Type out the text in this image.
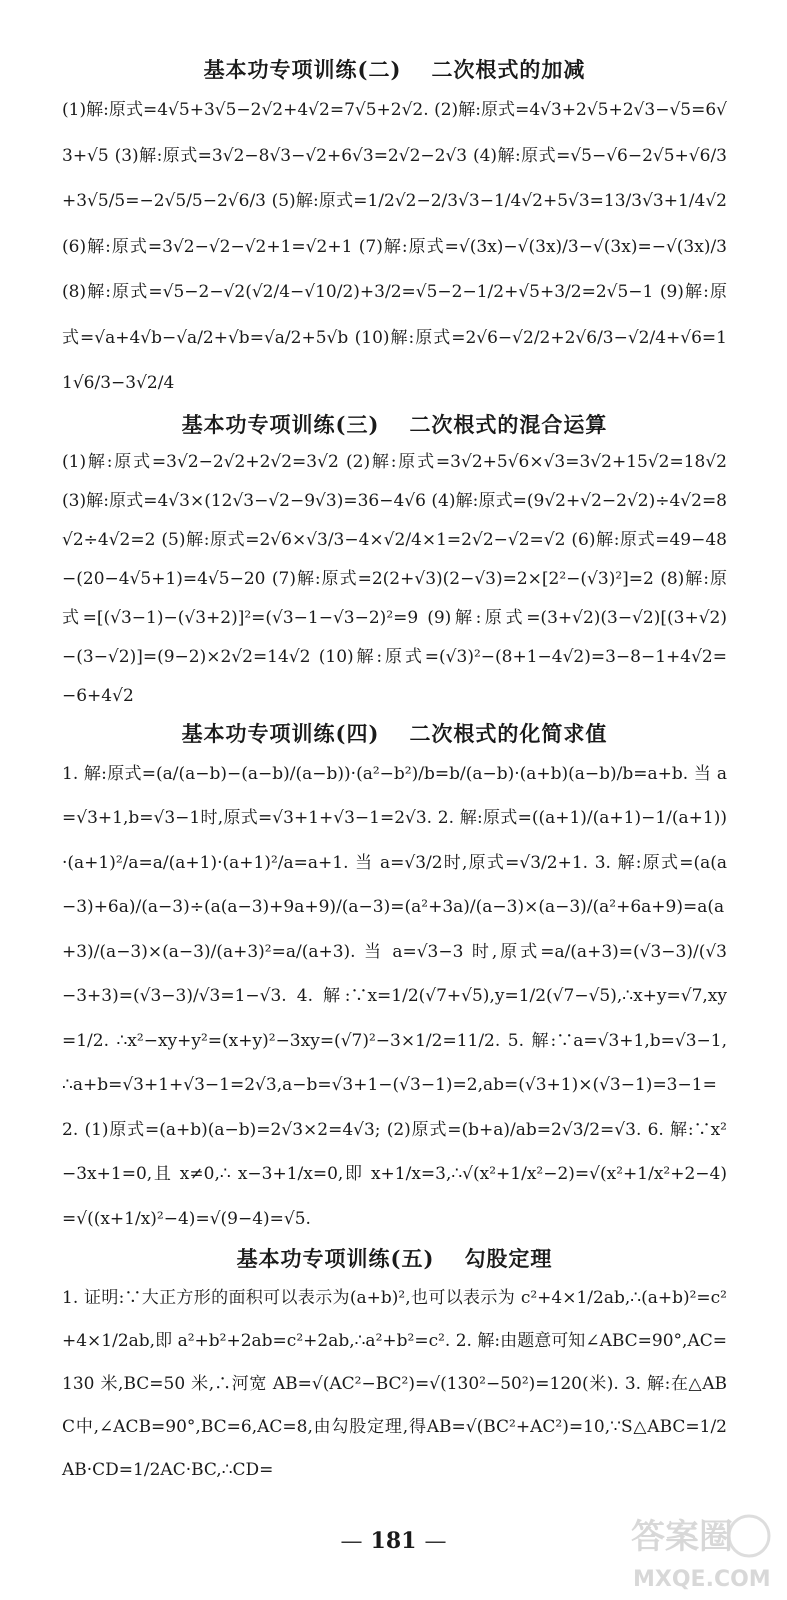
基本功专项训练(二) 二次根式的加减

(1)解:原式=4√5+3√5−2√2+4√2=7√5+2√2. (2)解:原式=4√3+2√5+2√3−√5=6√3+√5 (3)解:原式=3√2−8√3−√2+6√3=2√2−2√3 (4)解:原式=√5−√6−2√5+√6/3+3√5/5=−2√5/5−2√6/3 (5)解:原式=1/2√2−2/3√3−1/4√2+5√3=13/3√3+1/4√2 (6)解:原式=3√2−√2−√2+1=√2+1 (7)解:原式=√(3x)−√(3x)/3−√(3x)=−√(3x)/3 (8)解:原式=√5−2−√2(√2/4−√10/2)+3/2=√5−2−1/2+√5+3/2=2√5−1 (9)解:原式=√a+4√b−√a/2+√b=√a/2+5√b (10)解:原式=2√6−√2/2+2√6/3−√2/4+√6=11√6/3−3√2/4

基本功专项训练(三) 二次根式的混合运算

(1)解:原式=3√2−2√2+2√2=3√2 (2)解:原式=3√2+5√6×√3=3√2+15√2=18√2 (3)解:原式=4√3×(12√3−√2−9√3)=36−4√6 (4)解:原式=(9√2+√2−2√2)÷4√2=8√2÷4√2=2 (5)解:原式=2√6×√3/3−4×√2/4×1=2√2−√2=√2 (6)解:原式=49−48−(20−4√5+1)=4√5−20 (7)解:原式=2(2+√3)(2−√3)=2×[2²−(√3)²]=2 (8)解:原式=[(√3−1)−(√3+2)]²=(√3−1−√3−2)²=9 (9)解:原式=(3+√2)(3−√2)[(3+√2)−(3−√2)]=(9−2)×2√2=14√2 (10)解:原式=(√3)²−(8+1−4√2)=3−8−1+4√2=−6+4√2

基本功专项训练(四) 二次根式的化简求值

1. 解:原式=(a/(a−b)−(a−b)/(a−b))·(a²−b²)/b=b/(a−b)·(a+b)(a−b)/b=a+b. 当 a=√3+1,b=√3−1时,原式=√3+1+√3−1=2√3. 2. 解:原式=((a+1)/(a+1)−1/(a+1))·(a+1)²/a=a/(a+1)·(a+1)²/a=a+1. 当 a=√3/2时,原式=√3/2+1. 3. 解:原式=(a(a−3)+6a)/(a−3)÷(a(a−3)+9a+9)/(a−3)=(a²+3a)/(a−3)×(a−3)/(a²+6a+9)=a(a+3)/(a−3)×(a−3)/(a+3)²=a/(a+3). 当 a=√3−3 时,原式=a/(a+3)=(√3−3)/(√3−3+3)=(√3−3)/√3=1−√3. 4. 解:∵x=1/2(√7+√5),y=1/2(√7−√5),∴x+y=√7,xy=1/2. ∴x²−xy+y²=(x+y)²−3xy=(√7)²−3×1/2=11/2. 5. 解:∵a=√3+1,b=√3−1,∴a+b=√3+1+√3−1=2√3,a−b=√3+1−(√3−1)=2,ab=(√3+1)×(√3−1)=3−1=2. (1)原式=(a+b)(a−b)=2√3×2=4√3; (2)原式=(b+a)/ab=2√3/2=√3. 6. 解:∵x²−3x+1=0,且 x≠0,∴ x−3+1/x=0,即 x+1/x=3,∴√(x²+1/x²−2)=√(x²+1/x²+2−4)=√((x+1/x)²−4)=√(9−4)=√5.

基本功专项训练(五) 勾股定理

1. 证明:∵大正方形的面积可以表示为(a+b)²,也可以表示为 c²+4×1/2ab,∴(a+b)²=c²+4×1/2ab,即 a²+b²+2ab=c²+2ab,∴a²+b²=c². 2. 解:由题意可知∠ABC=90°,AC=130 米,BC=50 米,∴河宽 AB=√(AC²−BC²)=√(130²−50²)=120(米). 3. 解:在△ABC中,∠ACB=90°,BC=6,AC=8,由勾股定理,得AB=√(BC²+AC²)=10,∵S△ABC=1/2AB·CD=1/2AC·BC,∴CD=

— 181 —	答案圈
MXQE.COM
